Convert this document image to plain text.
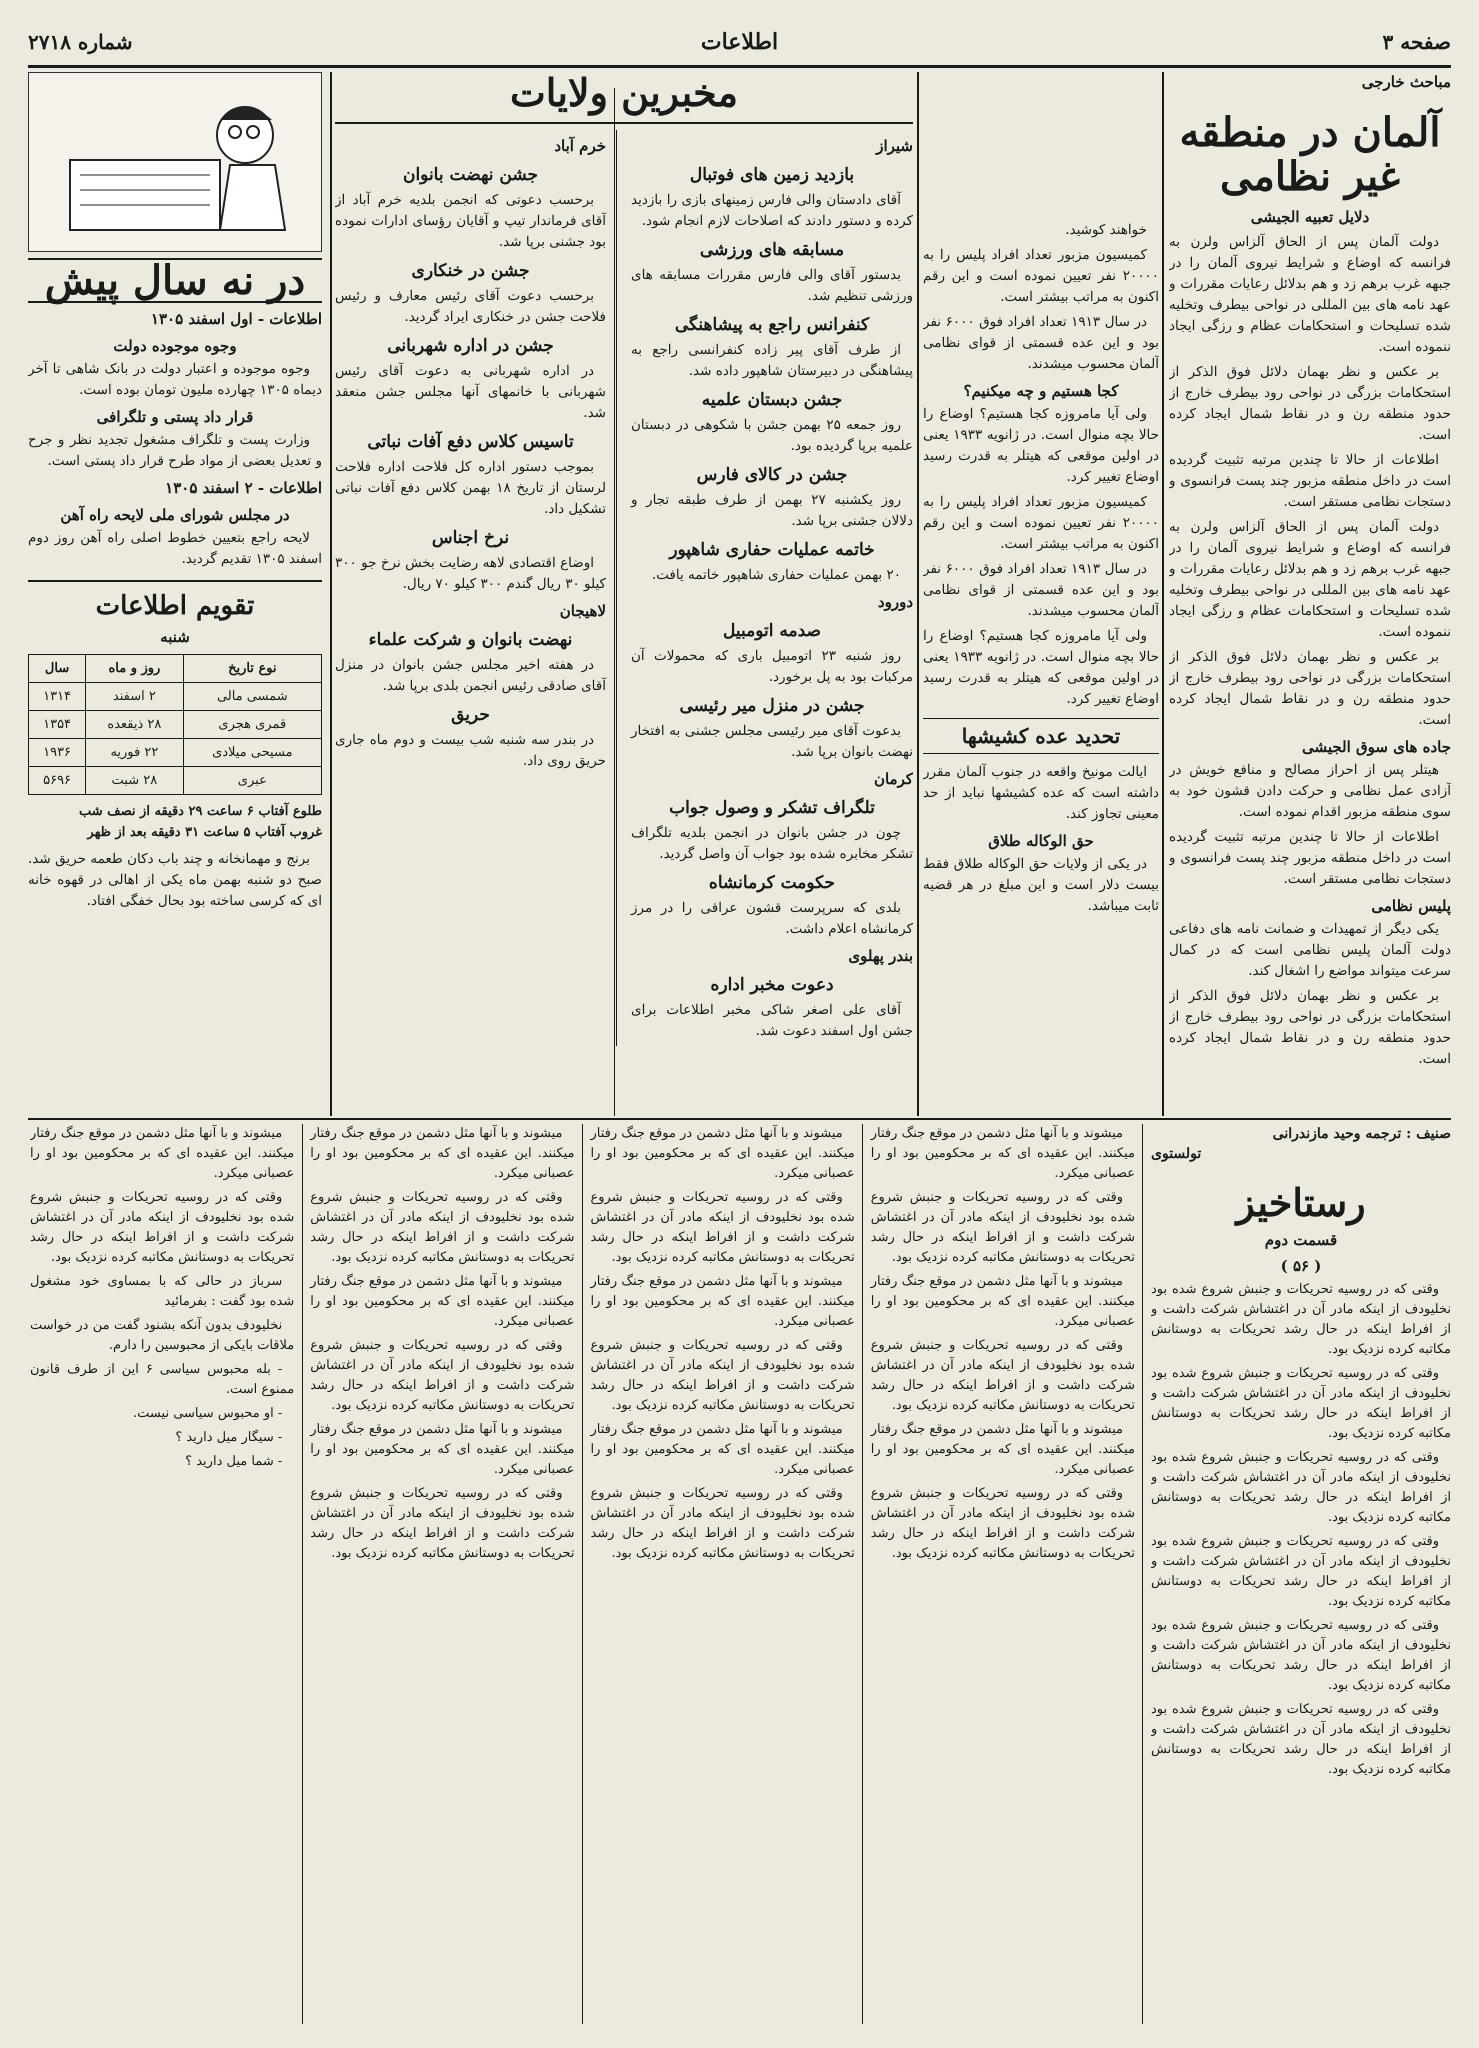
صفحه ۳
اطلاعات
شماره ۲۷۱۸
مباحث خارجی
آلمان در منطقه غیر نظامی
دلایل تعبیه الجیشی

دولت آلمان پس از الحاق آلزاس ولرن به فرانسه که اوضاع و شرایط نیروی آلمان را در جبهه غرب برهم زد و هم بدلائل رعایات مقررات و عهد نامه های بین المللی در نواحی بیطرف وتخلیه شده تسلیحات و استحکامات عظام و رزگی ایجاد ننموده است.

بر عکس و نظر بهمان دلائل فوق الذکر از استحکامات بزرگی در نواحی رود بیطرف خارج از حدود منطقه رن و در نقاط شمال ایجاد کرده است.

اطلاعات از حالا تا چندین مرتبه تثبیت گردیده است در داخل منطقه مزبور چند پست فرانسوی و دستجات نظامی مستقر است.

دولت آلمان پس از الحاق آلزاس ولرن به فرانسه که اوضاع و شرایط نیروی آلمان را در جبهه غرب برهم زد و هم بدلائل رعایات مقررات و عهد نامه های بین المللی در نواحی بیطرف وتخلیه شده تسلیحات و استحکامات عظام و رزگی ایجاد ننموده است.

بر عکس و نظر بهمان دلائل فوق الذکر از استحکامات بزرگی در نواحی رود بیطرف خارج از حدود منطقه رن و در نقاط شمال ایجاد کرده است.

جاده های سوق الجیشی

هیتلر پس از احراز مصالح و منافع خویش در آزادی عمل نظامی و حرکت دادن قشون خود به سوی منطقه مزبور اقدام نموده است.

اطلاعات از حالا تا چندین مرتبه تثبیت گردیده است در داخل منطقه مزبور چند پست فرانسوی و دستجات نظامی مستقر است.

پلیس نظامی

یکی دیگر از تمهیدات و ضمانت نامه های دفاعی دولت آلمان پلیس نظامی است که در کمال سرعت میتواند مواضع را اشغال کند.

بر عکس و نظر بهمان دلائل فوق الذکر از استحکامات بزرگی در نواحی رود بیطرف خارج از حدود منطقه رن و در نقاط شمال ایجاد کرده است.

خواهند کوشید.

کمیسیون مزبور تعداد افراد پلیس را به ۲۰۰۰۰ نفر تعیین نموده است و این رقم اکنون به مراتب بیشتر است.

در سال ۱۹۱۳ تعداد افراد فوق ۶۰۰۰ نفر بود و این عده قسمتی از قوای نظامی آلمان محسوب میشدند.

کجا هستیم و چه میکنیم؟

ولی آیا مامروزه کجا هستیم؟ اوضاع را حالا بچه منوال است. در ژانویه ۱۹۳۳ یعنی در اولین موقعی که هیتلر به قدرت رسید اوضاع تغییر کرد.

کمیسیون مزبور تعداد افراد پلیس را به ۲۰۰۰۰ نفر تعیین نموده است و این رقم اکنون به مراتب بیشتر است.

در سال ۱۹۱۳ تعداد افراد فوق ۶۰۰۰ نفر بود و این عده قسمتی از قوای نظامی آلمان محسوب میشدند.

ولی آیا مامروزه کجا هستیم؟ اوضاع را حالا بچه منوال است. در ژانویه ۱۹۳۳ یعنی در اولین موقعی که هیتلر به قدرت رسید اوضاع تغییر کرد.

تحدید عده کشیشها

ایالت مونیخ واقعه در جنوب آلمان مقرر داشته است که عده کشیشها نباید از حد معینی تجاوز کند.

حق الوکاله طلاق

در یکی از ولایات حق الوکاله طلاق فقط بیست دلار است و این مبلغ در هر قضیه ثابت میباشد.

مخبرین ولایات
شیراز
بازدید زمین های فوتبال

آقای دادستان والی فارس زمینهای بازی را بازدید کرده و دستور دادند که اصلاحات لازم انجام شود.

مسابقه های ورزشی

بدستور آقای والی فارس مقررات مسابقه های ورزشی تنظیم شد.

کنفرانس راجع به پیشاهنگی

از طرف آقای پیر زاده کنفرانسی راجع به پیشاهنگی در دبیرستان شاهپور داده شد.

جشن دبستان علمیه

روز جمعه ۲۵ بهمن جشن با شکوهی در دبستان علمیه برپا گردیده بود.

جشن در کالای فارس

روز یکشنبه ۲۷ بهمن از طرف طبقه تجار و دلالان جشنی برپا شد.

خاتمه عملیات حفاری شاهپور

۲۰ بهمن عملیات حفاری شاهپور خاتمه یافت.

دورود
صدمه اتومبیل

روز شنبه ۲۳ اتومبیل باری که محمولات آن مرکبات بود به پل برخورد.

جشن در منزل میر رئیسی

بدعوت آقای میر رئیسی مجلس جشنی به افتخار نهضت بانوان برپا شد.

کرمان
تلگراف تشکر و وصول جواب

چون در جشن بانوان در انجمن بلدیه تلگراف تشکر مخابره شده بود جواب آن واصل گردید.

حکومت کرمانشاه

بلدی که سرپرست قشون عراقی را در مرز کرمانشاه اعلام داشت.

بندر پهلوی
دعوت مخبر اداره

آقای علی اصغر شاکی مخبر اطلاعات برای جشن اول اسفند دعوت شد.

خرم آباد
جشن نهضت بانوان

برحسب دعوتی که انجمن بلدیه خرم آباد از آقای فرماندار تیپ و آقایان رؤسای ادارات نموده بود جشنی برپا شد.

جشن در خنکاری

برحسب دعوت آقای رئیس معارف و رئیس فلاحت جشن در خنکاری ایراد گردید.

جشن در اداره شهربانی

در اداره شهربانی به دعوت آقای رئیس شهربانی با خانمهای آنها مجلس جشن منعقد شد.

تاسیس کلاس دفع آفات نباتی

بموجب دستور اداره کل فلاحت اداره فلاحت لرستان از تاریخ ۱۸ بهمن کلاس دفع آفات نباتی تشکیل داد.

نرخ اجناس

اوضاع اقتصادی لاهه رضایت بخش نرخ جو ۳۰۰ کیلو ۳۰ ریال گندم ۳۰۰ کیلو ۷۰ ریال.

لاهیجان
نهضت بانوان و شرکت علماء

در هفته اخیر مجلس جشن بانوان در منزل آقای صادقی رئیس انجمن بلدی برپا شد.

حریق

در بندر سه شنبه شب بیست و دوم ماه جاری حریق روی داد.

در نه سال پیش
اطلاعات - اول اسفند ۱۳۰۵
وجوه موجوده دولت

وجوه موجوده و اعتبار دولت در بانک شاهی تا آخر دیماه ۱۳۰۵ چهارده ملیون تومان بوده است.

قرار داد پستی و تلگرافی

وزارت پست و تلگراف مشغول تجدید نظر و جرح و تعدیل بعضی از مواد طرح قرار داد پستی است.

اطلاعات - ۲ اسفند ۱۳۰۵
در مجلس شورای ملی لایحه راه آهن

لایحه راجع بتعیین خطوط اصلی راه آهن روز دوم اسفند ۱۳۰۵ تقدیم گردید.

تقویم اطلاعات
شنبه
نوع تاریخ	روز و ماه	سال
شمسی مالی	۲ اسفند	۱۳۱۴
قمری هجری	۲۸ ذیقعده	۱۳۵۴
مسیحی میلادی	۲۲ فوریه	۱۹۳۶
عبری	۲۸ شبت	۵۶۹۶
طلوع آفتاب ۶ ساعت ۲۹ دقیقه از نصف شب
غروب آفتاب ۵ ساعت ۳۱ دقیقه بعد از ظهر

برنج و مهمانخانه و چند باب دکان طعمه حریق شد. صبح دو شنبه بهمن ماه یکی از اهالی در قهوه خانه ای که کرسی ساخته بود بحال خفگی افتاد.

صنیف : ترجمه وحید مازندرانی
تولستوی
رستاخیز
قسمت دوم
( ۵۶ )

وقتی که در روسیه تحریکات و جنبش شروع شده بود نخلیودف از اینکه مادر آن در اغتشاش شرکت داشت و از افراط اینکه در حال رشد تحریکات به دوستانش مکاتبه کرده نزدیک بود.

وقتی که در روسیه تحریکات و جنبش شروع شده بود نخلیودف از اینکه مادر آن در اغتشاش شرکت داشت و از افراط اینکه در حال رشد تحریکات به دوستانش مکاتبه کرده نزدیک بود.

وقتی که در روسیه تحریکات و جنبش شروع شده بود نخلیودف از اینکه مادر آن در اغتشاش شرکت داشت و از افراط اینکه در حال رشد تحریکات به دوستانش مکاتبه کرده نزدیک بود.

وقتی که در روسیه تحریکات و جنبش شروع شده بود نخلیودف از اینکه مادر آن در اغتشاش شرکت داشت و از افراط اینکه در حال رشد تحریکات به دوستانش مکاتبه کرده نزدیک بود.

وقتی که در روسیه تحریکات و جنبش شروع شده بود نخلیودف از اینکه مادر آن در اغتشاش شرکت داشت و از افراط اینکه در حال رشد تحریکات به دوستانش مکاتبه کرده نزدیک بود.

وقتی که در روسیه تحریکات و جنبش شروع شده بود نخلیودف از اینکه مادر آن در اغتشاش شرکت داشت و از افراط اینکه در حال رشد تحریکات به دوستانش مکاتبه کرده نزدیک بود.

میشوند و با آنها مثل دشمن در موقع جنگ رفتار میکنند. این عقیده ای که بر محکومین بود او را عصبانی میکرد.

وقتی که در روسیه تحریکات و جنبش شروع شده بود نخلیودف از اینکه مادر آن در اغتشاش شرکت داشت و از افراط اینکه در حال رشد تحریکات به دوستانش مکاتبه کرده نزدیک بود.

میشوند و با آنها مثل دشمن در موقع جنگ رفتار میکنند. این عقیده ای که بر محکومین بود او را عصبانی میکرد.

وقتی که در روسیه تحریکات و جنبش شروع شده بود نخلیودف از اینکه مادر آن در اغتشاش شرکت داشت و از افراط اینکه در حال رشد تحریکات به دوستانش مکاتبه کرده نزدیک بود.

میشوند و با آنها مثل دشمن در موقع جنگ رفتار میکنند. این عقیده ای که بر محکومین بود او را عصبانی میکرد.

وقتی که در روسیه تحریکات و جنبش شروع شده بود نخلیودف از اینکه مادر آن در اغتشاش شرکت داشت و از افراط اینکه در حال رشد تحریکات به دوستانش مکاتبه کرده نزدیک بود.

میشوند و با آنها مثل دشمن در موقع جنگ رفتار میکنند. این عقیده ای که بر محکومین بود او را عصبانی میکرد.

وقتی که در روسیه تحریکات و جنبش شروع شده بود نخلیودف از اینکه مادر آن در اغتشاش شرکت داشت و از افراط اینکه در حال رشد تحریکات به دوستانش مکاتبه کرده نزدیک بود.

میشوند و با آنها مثل دشمن در موقع جنگ رفتار میکنند. این عقیده ای که بر محکومین بود او را عصبانی میکرد.

وقتی که در روسیه تحریکات و جنبش شروع شده بود نخلیودف از اینکه مادر آن در اغتشاش شرکت داشت و از افراط اینکه در حال رشد تحریکات به دوستانش مکاتبه کرده نزدیک بود.

میشوند و با آنها مثل دشمن در موقع جنگ رفتار میکنند. این عقیده ای که بر محکومین بود او را عصبانی میکرد.

وقتی که در روسیه تحریکات و جنبش شروع شده بود نخلیودف از اینکه مادر آن در اغتشاش شرکت داشت و از افراط اینکه در حال رشد تحریکات به دوستانش مکاتبه کرده نزدیک بود.

میشوند و با آنها مثل دشمن در موقع جنگ رفتار میکنند. این عقیده ای که بر محکومین بود او را عصبانی میکرد.

وقتی که در روسیه تحریکات و جنبش شروع شده بود نخلیودف از اینکه مادر آن در اغتشاش شرکت داشت و از افراط اینکه در حال رشد تحریکات به دوستانش مکاتبه کرده نزدیک بود.

میشوند و با آنها مثل دشمن در موقع جنگ رفتار میکنند. این عقیده ای که بر محکومین بود او را عصبانی میکرد.

وقتی که در روسیه تحریکات و جنبش شروع شده بود نخلیودف از اینکه مادر آن در اغتشاش شرکت داشت و از افراط اینکه در حال رشد تحریکات به دوستانش مکاتبه کرده نزدیک بود.

میشوند و با آنها مثل دشمن در موقع جنگ رفتار میکنند. این عقیده ای که بر محکومین بود او را عصبانی میکرد.

وقتی که در روسیه تحریکات و جنبش شروع شده بود نخلیودف از اینکه مادر آن در اغتشاش شرکت داشت و از افراط اینکه در حال رشد تحریکات به دوستانش مکاتبه کرده نزدیک بود.

میشوند و با آنها مثل دشمن در موقع جنگ رفتار میکنند. این عقیده ای که بر محکومین بود او را عصبانی میکرد.

وقتی که در روسیه تحریکات و جنبش شروع شده بود نخلیودف از اینکه مادر آن در اغتشاش شرکت داشت و از افراط اینکه در حال رشد تحریکات به دوستانش مکاتبه کرده نزدیک بود.

سرباز در حالی که با بمساوی خود مشغول شده بود گفت : بفرمائید

نخلیودف بدون آنکه بشنود گفت من در خواست ملاقات بایکی از محبوسین را دارم.

- بله محبوس سیاسی ۶ این از طرف قانون ممنوع است.

- او محبوس سیاسی نیست.

- سیگار میل دارید ؟

- شما میل دارید ؟
